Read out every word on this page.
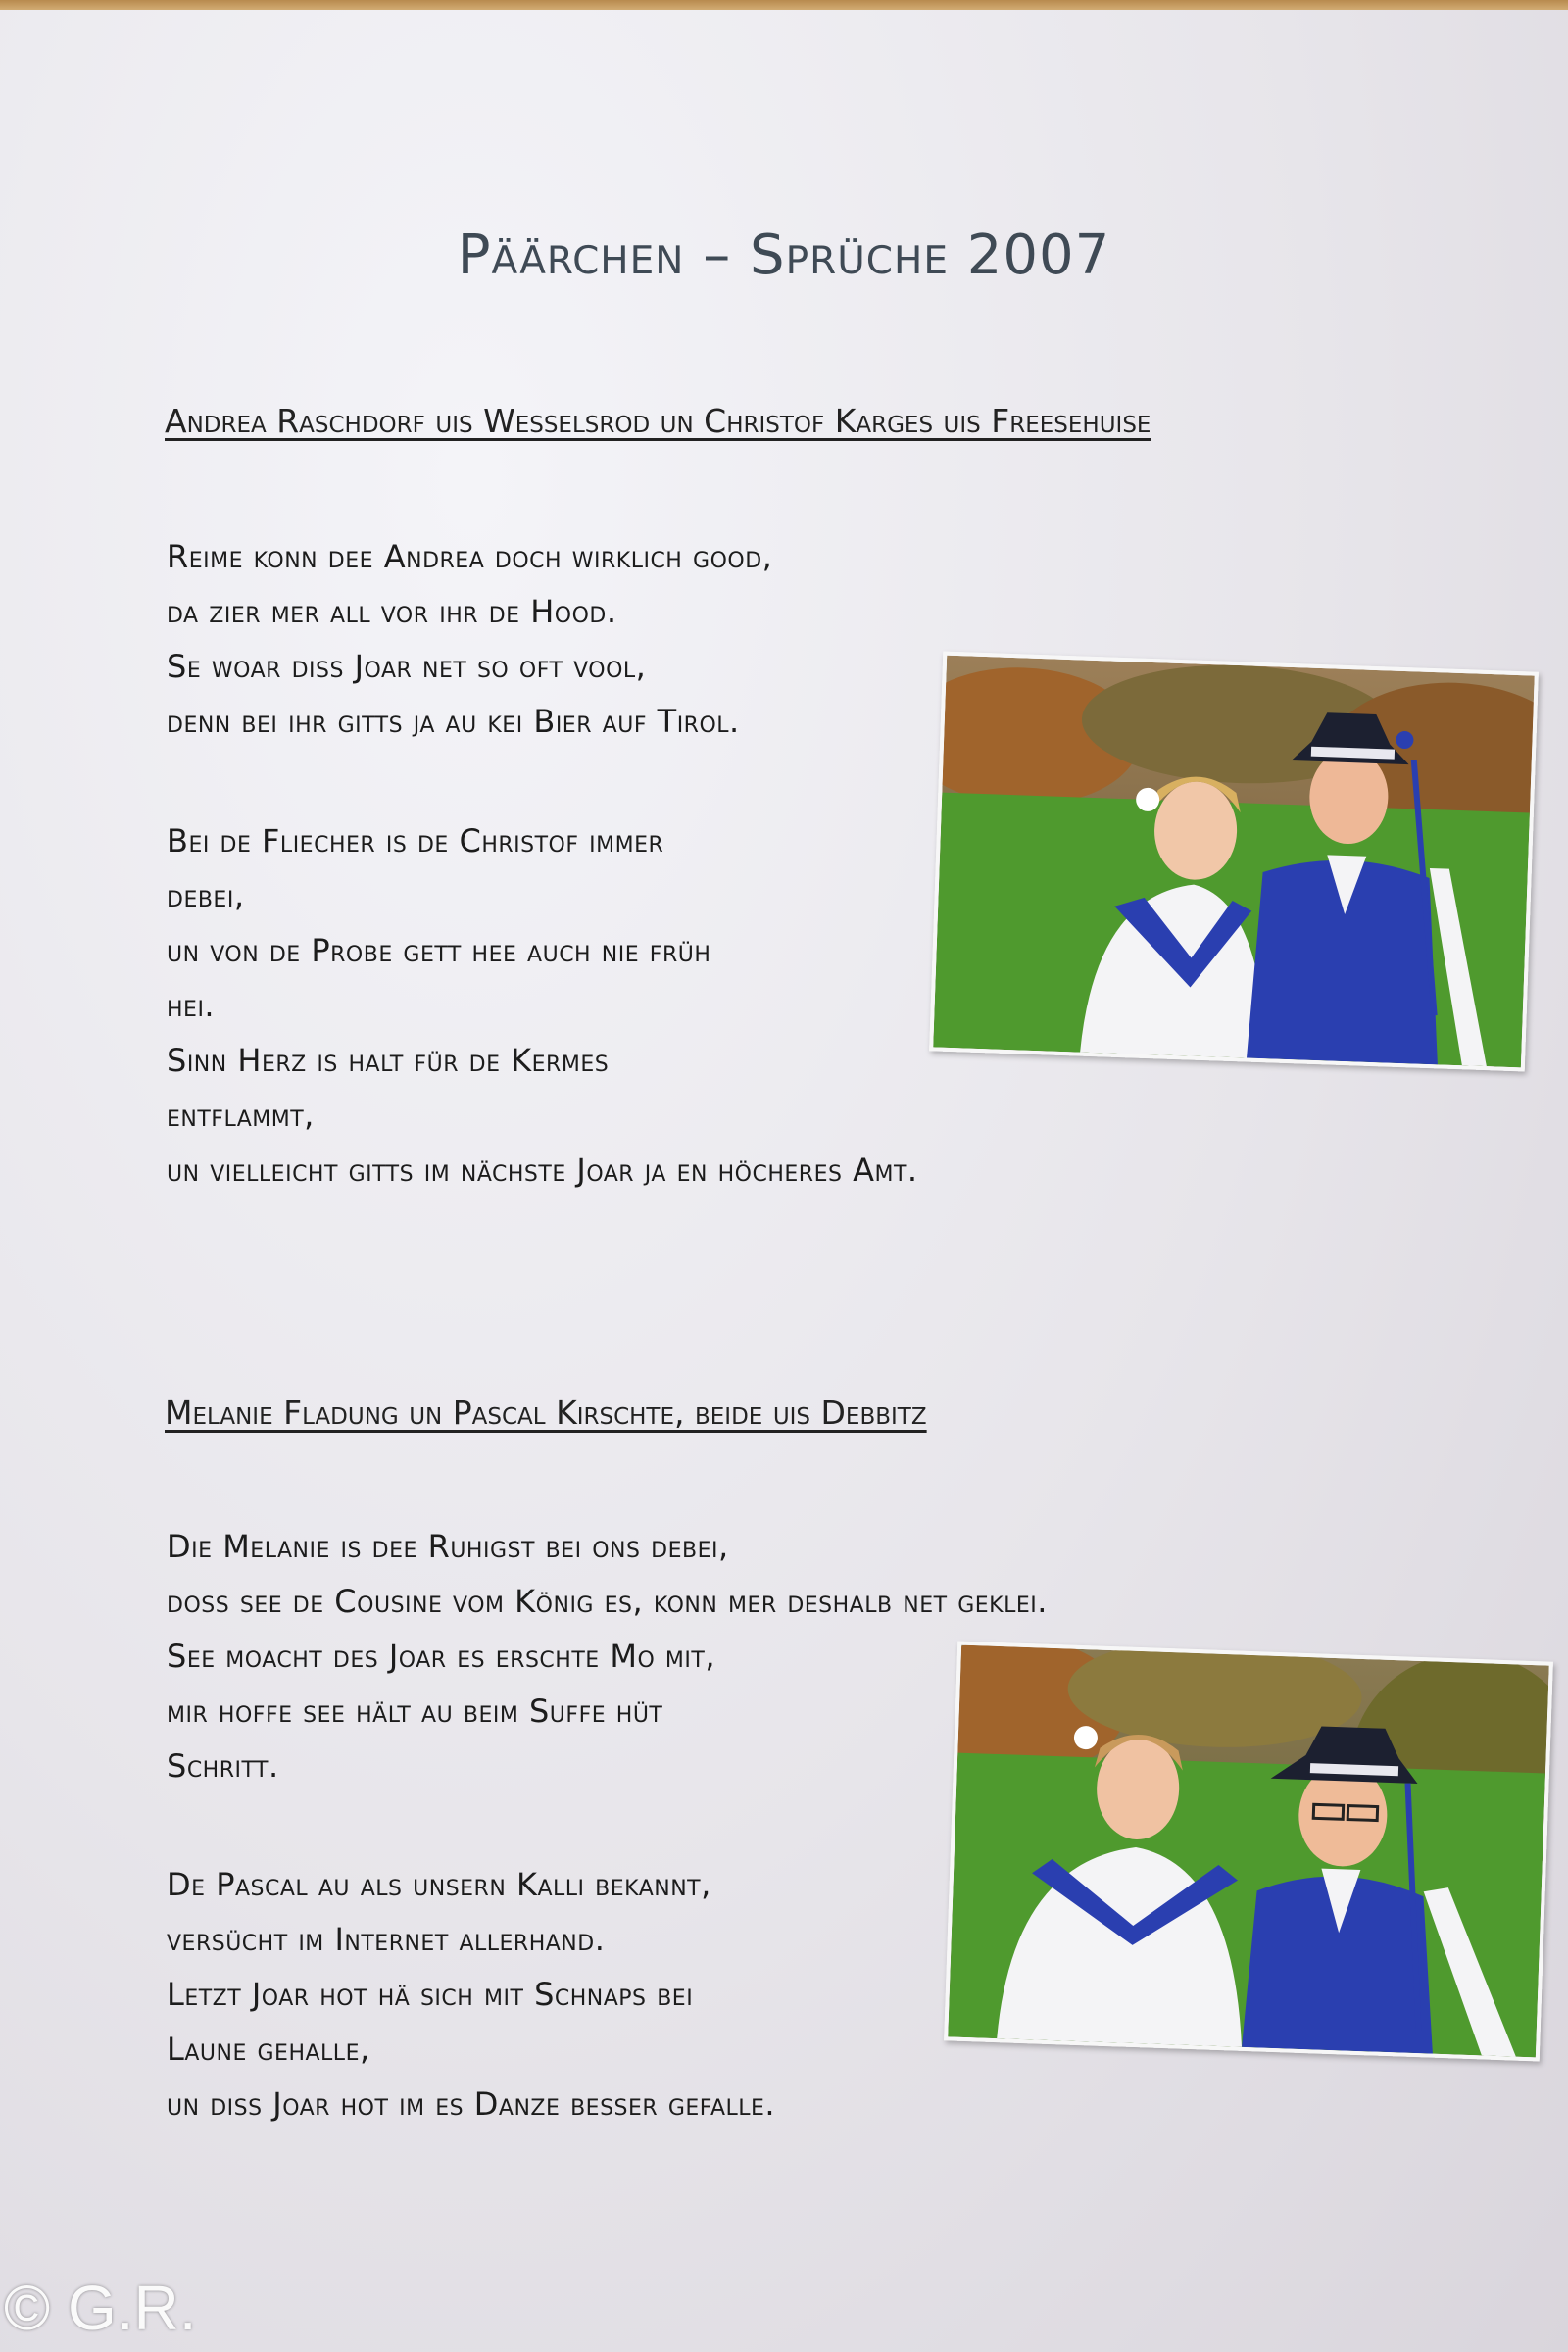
Päärchen – Sprüche 2007
Andrea Raschdorf uis Wesselsrod un Christof Karges uis Freesehuise
Reime konn dee Andrea doch wirklich good,
da zier mer all vor ihr de Hood.
Se woar diss Joar net so oft vool,
denn bei ihr gitts ja au kei Bier auf Tirol.
Bei de Fliecher is de Christof immer
debei,
un von de Probe gett hee auch nie früh
hei.
Sinn Herz is halt für de Kermes
entflammt,
un vielleicht gitts im nächste Joar ja en höcheres Amt.
Melanie Fladung un Pascal Kirschte, beide uis Debbitz
Die Melanie is dee Ruhigst bei ons debei,
doss see de Cousine vom König es, konn mer deshalb net geklei.
See moacht des Joar es erschte Mo mit,
mir hoffe see hält au beim Suffe hüt
Schritt.
De Pascal au als unsern Kalli bekannt,
versücht im Internet allerhand.
Letzt Joar hot hä sich mit Schnaps bei
Laune gehalle,
un diss Joar hot im es Danze besser gefalle.
© G.R.
